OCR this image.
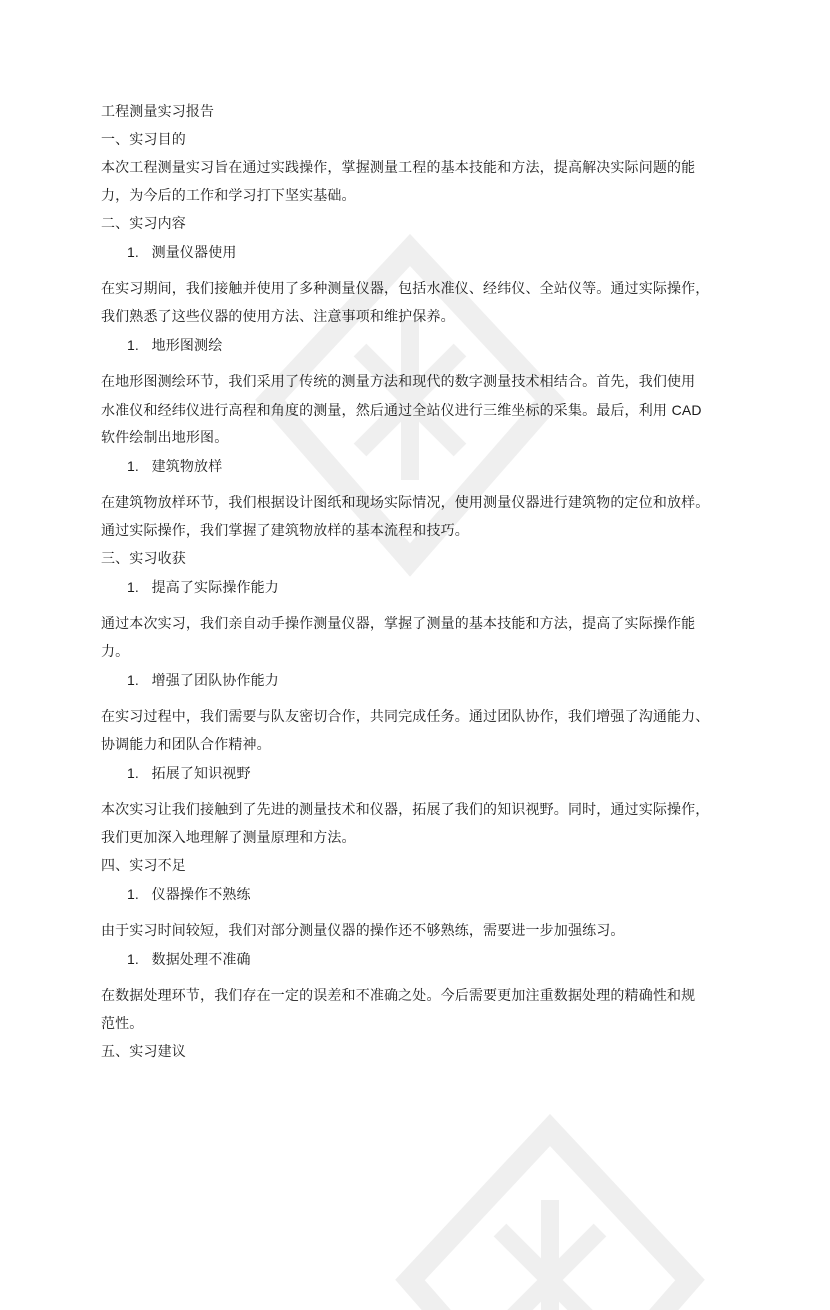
工程测量实习报告
一、实习目的
本次工程测量实习旨在通过实践操作，掌握测量工程的基本技能和方法，提高解决实际问题的能
力，为今后的工作和学习打下坚实基础。
二、实习内容
1. 测量仪器使用
在实习期间，我们接触并使用了多种测量仪器，包括水准仪、经纬仪、全站仪等。通过实际操作，
我们熟悉了这些仪器的使用方法、注意事项和维护保养。
1. 地形图测绘
在地形图测绘环节，我们采用了传统的测量方法和现代的数字测量技术相结合。首先，我们使用
水准仪和经纬仪进行高程和角度的测量，然后通过全站仪进行三维坐标的采集。最后，利用 CAD
软件绘制出地形图。
1. 建筑物放样
在建筑物放样环节，我们根据设计图纸和现场实际情况，使用测量仪器进行建筑物的定位和放样。
通过实际操作，我们掌握了建筑物放样的基本流程和技巧。
三、实习收获
1. 提高了实际操作能力
通过本次实习，我们亲自动手操作测量仪器，掌握了测量的基本技能和方法，提高了实际操作能
力。
1. 增强了团队协作能力
在实习过程中，我们需要与队友密切合作，共同完成任务。通过团队协作，我们增强了沟通能力、
协调能力和团队合作精神。
1. 拓展了知识视野
本次实习让我们接触到了先进的测量技术和仪器，拓展了我们的知识视野。同时，通过实际操作，
我们更加深入地理解了测量原理和方法。
四、实习不足
1. 仪器操作不熟练
由于实习时间较短，我们对部分测量仪器的操作还不够熟练，需要进一步加强练习。
1. 数据处理不准确
在数据处理环节，我们存在一定的误差和不准确之处。今后需要更加注重数据处理的精确性和规
范性。
五、实习建议
